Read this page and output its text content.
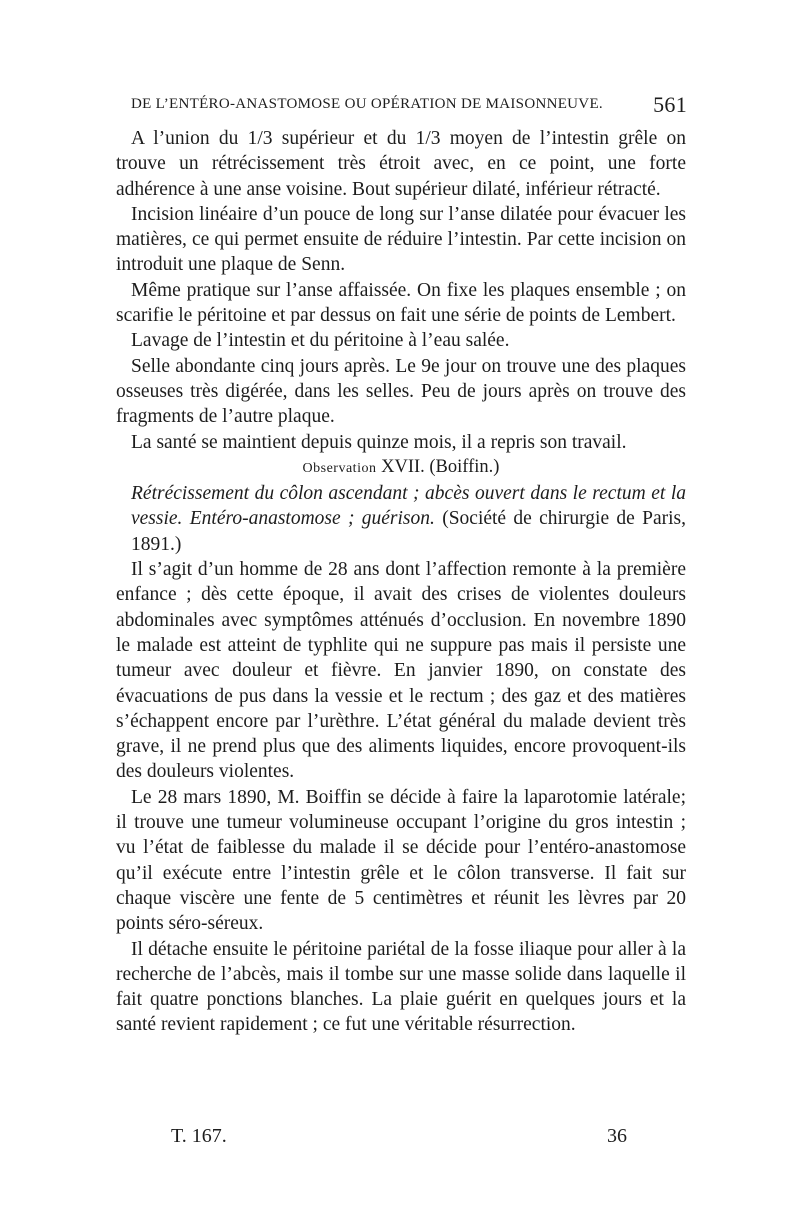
DE L’ENTÉRO-ANASTOMOSE OU OPÉRATION DE MAISONNEUVE. 561

A l’union du 1/3 supérieur et du 1/3 moyen de l’intestin grêle on trouve un rétrécissement très étroit avec, en ce point, une forte adhérence à une anse voisine. Bout supérieur dilaté, inférieur rétracté.

Incision linéaire d’un pouce de long sur l’anse dilatée pour évacuer les matières, ce qui permet ensuite de réduire l’intestin. Par cette incision on introduit une plaque de Senn.

Même pratique sur l’anse affaissée. On fixe les plaques ensemble ; on scarifie le péritoine et par dessus on fait une série de points de Lembert.

Lavage de l’intestin et du péritoine à l’eau salée.

Selle abondante cinq jours après. Le 9e jour on trouve une des plaques osseuses très digérée, dans les selles. Peu de jours après on trouve des fragments de l’autre plaque.

La santé se maintient depuis quinze mois, il a repris son travail.

Observation XVII. (Boiffin.)

Rétrécissement du côlon ascendant ; abcès ouvert dans le rectum et la vessie. Entéro-anastomose ; guérison. (Société de chirurgie de Paris, 1891.)

Il s’agit d’un homme de 28 ans dont l’affection remonte à la première enfance ; dès cette époque, il avait des crises de violentes douleurs abdominales avec symptômes atténués d’occlusion. En novembre 1890 le malade est atteint de typhlite qui ne suppure pas mais il persiste une tumeur avec douleur et fièvre. En janvier 1890, on constate des évacuations de pus dans la vessie et le rectum ; des gaz et des matières s’échappent encore par l’urèthre. L’état général du malade devient très grave, il ne prend plus que des aliments liquides, encore provoquent-ils des douleurs violentes.

Le 28 mars 1890, M. Boiffin se décide à faire la laparotomie latérale; il trouve une tumeur volumineuse occupant l’origine du gros intestin ; vu l’état de faiblesse du malade il se décide pour l’entéro-anastomose qu’il exécute entre l’intestin grêle et le côlon transverse. Il fait sur chaque viscère une fente de 5 centimètres et réunit les lèvres par 20 points séro-séreux.

Il détache ensuite le péritoine pariétal de la fosse iliaque pour aller à la recherche de l’abcès, mais il tombe sur une masse solide dans laquelle il fait quatre ponctions blanches. La plaie guérit en quelques jours et la santé revient rapidement ; ce fut une véritable résurrection.

T. 167.	36
